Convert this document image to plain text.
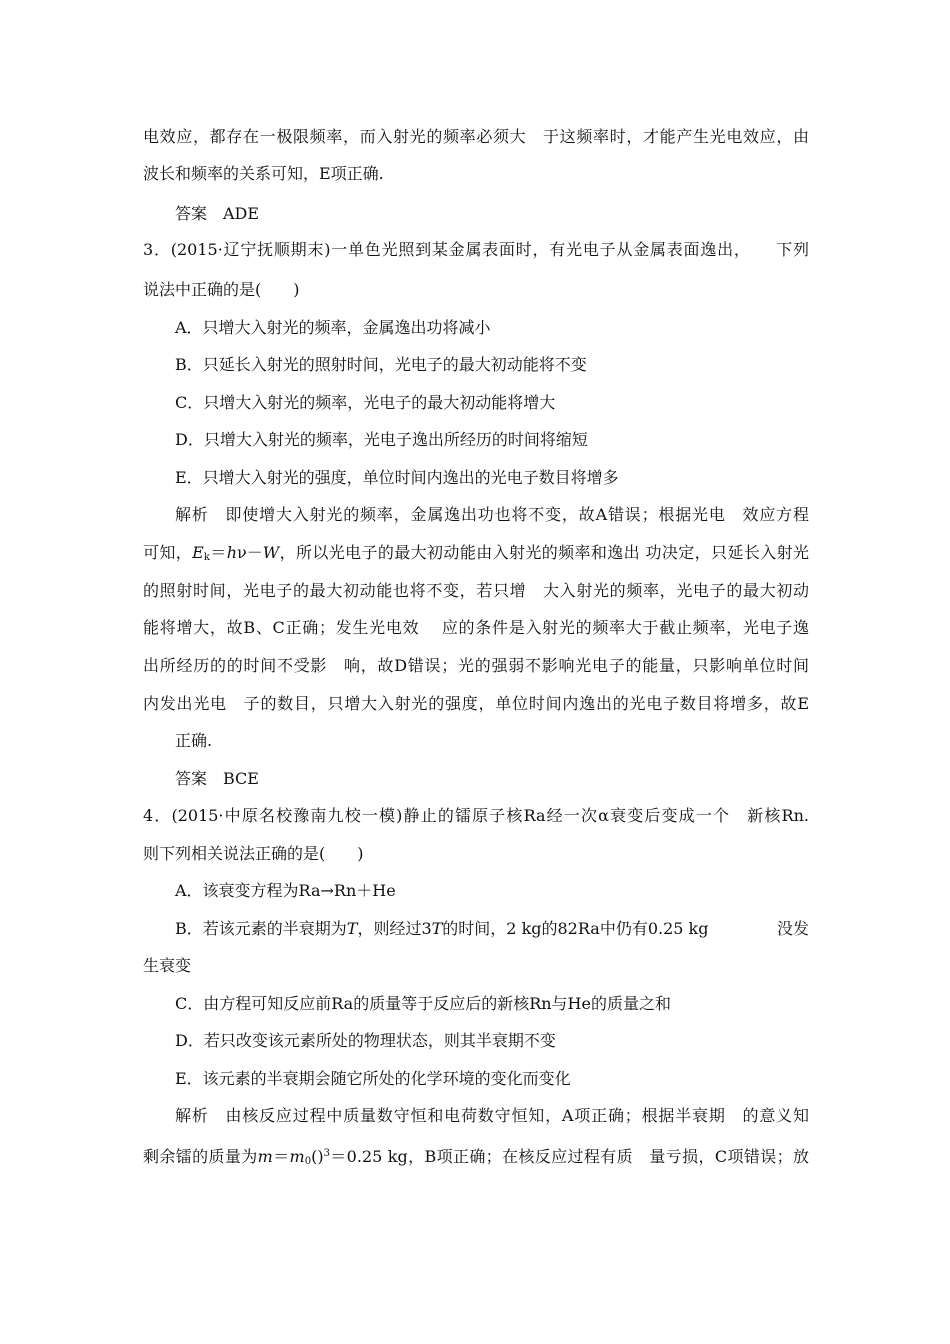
电效应，都存在一极限频率，而入射光的频率必须大　于这频率时，才能产生光电效应，由
波长和频率的关系可知，E项正确.
答案　ADE
3．(2015·辽宁抚顺期末)一单色光照到某金属表面时，有光电子从金属表面逸出，　　下列
说法中正确的是(　　)
A．只增大入射光的频率，金属逸出功将减小
B．只延长入射光的照射时间，光电子的最大初动能将不变
C．只增大入射光的频率，光电子的最大初动能将增大
D．只增大入射光的频率，光电子逸出所经历的时间将缩短
E．只增大入射光的强度，单位时间内逸出的光电子数目将增多
解析　即使增大入射光的频率，金属逸出功也将不变，故A错误；根据光电　效应方程
可知，$E_k=h\nu-W$，所以光电子的最大初动能由入射光的频率和逸出 功决定，只延长入射光
的照射时间，光电子的最大初动能也将不变，若只增　大入射光的频率，光电子的最大初动
能将增大，故B、C正确；发生光电效　 应的条件是入射光的频率大于截止频率，光电子逸
出所经历的的时间不受影　响，故D错误；光的强弱不影响光电子的能量，只影响单位时间
内发出光电　子的数目，只增大入射光的强度，单位时间内逸出的光电子数目将增多，故E
正确.
答案　BCE
4．(2015·中原名校豫南九校一模)静止的镭原子核Ra经一次α衰变后变成一个　新核Rn.
则下列相关说法正确的是(　　)
A．该衰变方程为Ra→Rn＋He
B．若该元素的半衰期为T，则经过3T的时间，2 kg的82Ra中仍有0.25 kg	没发
生衰变
C．由方程可知反应前Ra的质量等于反应后的新核Rn与He的质量之和
D．若只改变该元素所处的物理状态，则其半衰期不变
E．该元素的半衰期会随它所处的化学环境的变化而变化
解析　由核反应过程中质量数守恒和电荷数守恒知，A项正确；根据半衰期　的意义知
剩余镭的质量为$m=m_0()^3=0.25$ kg，B项正确；在核反应过程有质　量亏损，C项错误；放
